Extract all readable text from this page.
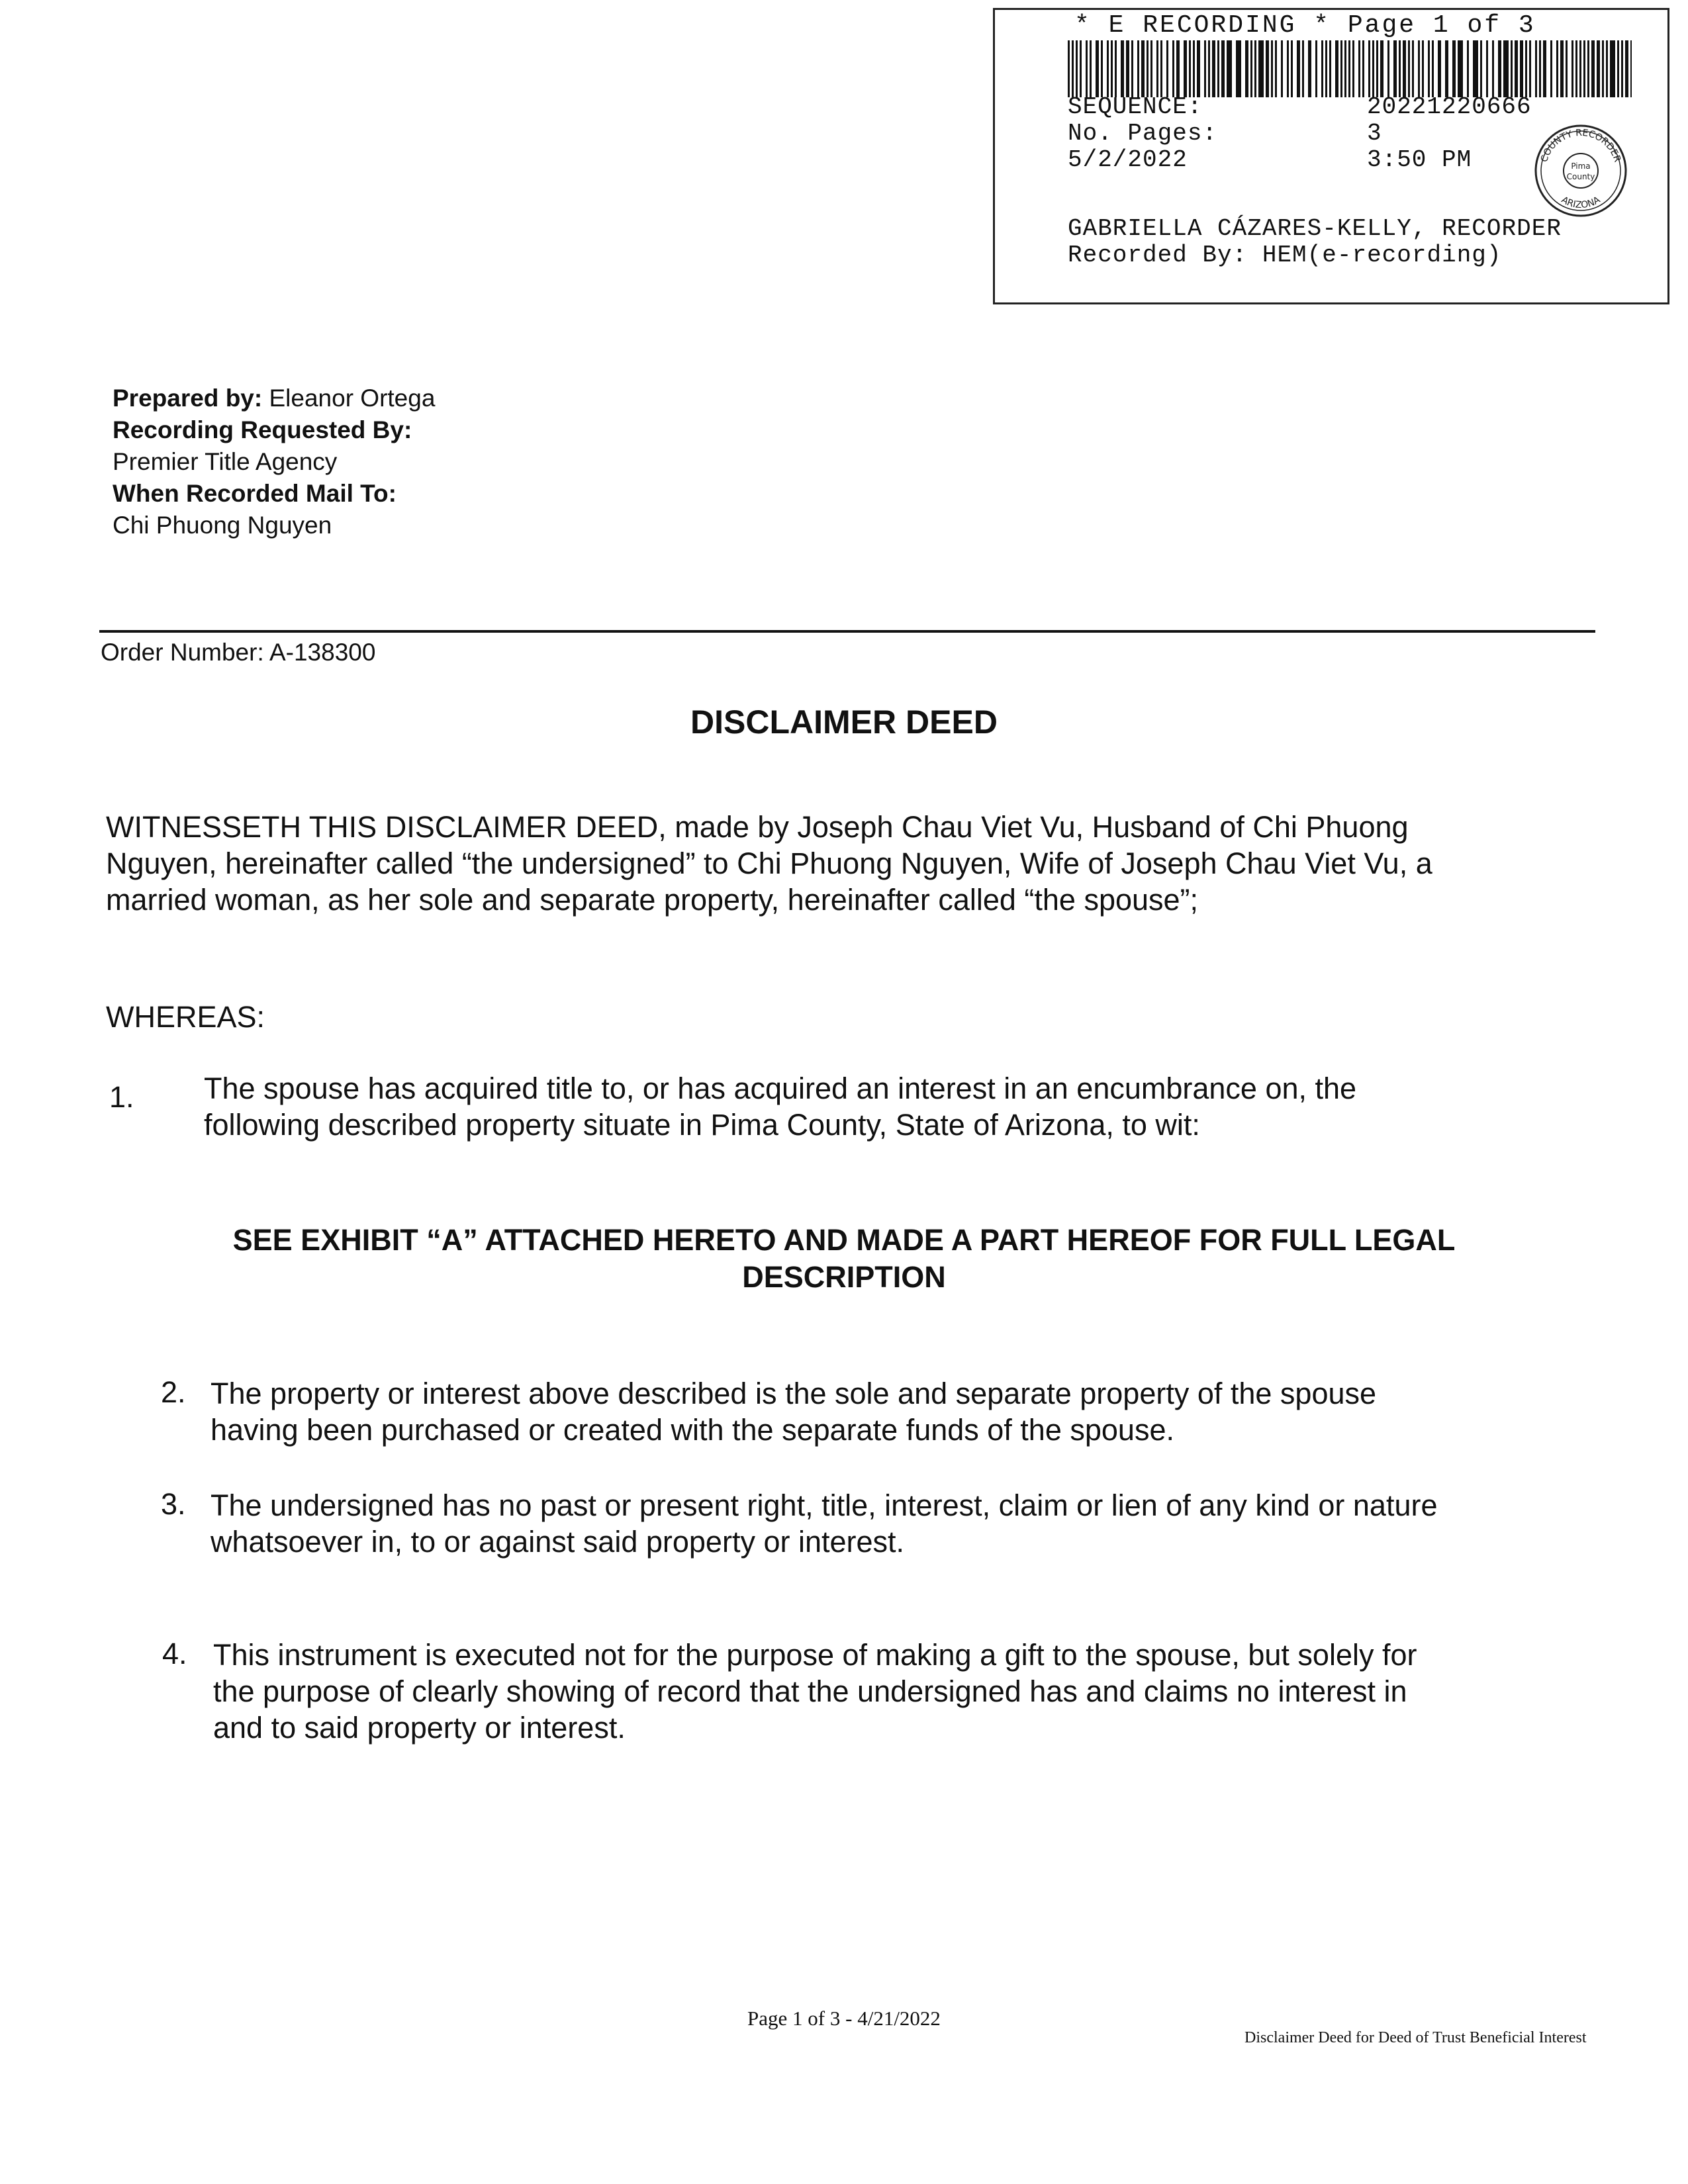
* E RECORDING * Page 1 of 3
SEQUENCE:	20221220666
No. Pages:	3
5/2/2022	3:50 PM	COUNTY RECORDER
ARIZONA
Pima
County
GABRIELLA CÁZARES-KELLY, RECORDER
Recorded By: HEM(e-recording)
Prepared by: Eleanor Ortega
Recording Requested By:
Premier Title Agency
When Recorded Mail To:
Chi Phuong Nguyen
Order Number: A-138300
DISCLAIMER DEED
WITNESSETH THIS DISCLAIMER DEED, made by Joseph Chau Viet Vu, Husband of Chi Phuong
Nguyen, hereinafter called “the undersigned” to Chi Phuong Nguyen, Wife of Joseph Chau Viet Vu, a
married woman, as her sole and separate property, hereinafter called “the spouse”;
WHEREAS:
1. The spouse has acquired title to, or has acquired an interest in an encumbrance on, the
following described property situate in Pima County, State of Arizona, to wit:
SEE EXHIBIT “A” ATTACHED HERETO AND MADE A PART HEREOF FOR FULL LEGAL
DESCRIPTION
2. The property or interest above described is the sole and separate property of the spouse
having been purchased or created with the separate funds of the spouse.
3. The undersigned has no past or present right, title, interest, claim or lien of any kind or nature
whatsoever in, to or against said property or interest.
4. This instrument is executed not for the purpose of making a gift to the spouse, but solely for
the purpose of clearly showing of record that the undersigned has and claims no interest in
and to said property or interest.
Page 1 of 3 - 4/21/2022
Disclaimer Deed for Deed of Trust Beneficial Interest
